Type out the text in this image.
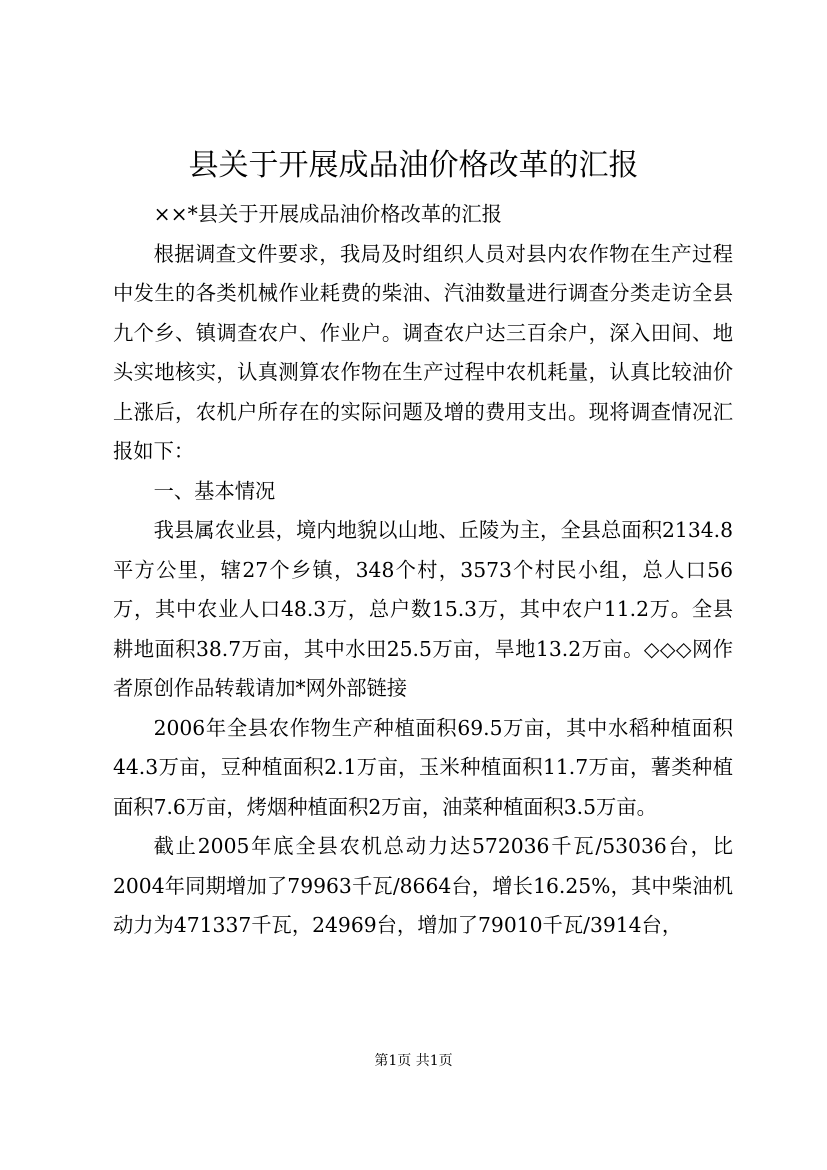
县关于开展成品油价格改革的汇报

××*县关于开展成品油价格改革的汇报

根据调查文件要求，我局及时组织人员对县内农作物在生产过程中发生的各类机械作业耗费的柴油、汽油数量进行调查分类走访全县九个乡、镇调查农户、作业户。调查农户达三百余户，深入田间、地头实地核实，认真测算农作物在生产过程中农机耗量，认真比较油价上涨后，农机户所存在的实际问题及增的费用支出。现将调查情况汇报如下：

一、基本情况

我县属农业县，境内地貌以山地、丘陵为主，全县总面积2134.8平方公里，辖27个乡镇，348个村，3573个村民小组，总人口56万，其中农业人口48.3万，总户数15.3万，其中农户11.2万。全县耕地面积38.7万亩，其中水田25.5万亩，旱地13.2万亩。◇◇◇网作者原创作品转载请加*网外部链接

2006年全县农作物生产种植面积69.5万亩，其中水稻种植面积44.3万亩，豆种植面积2.1万亩，玉米种植面积11.7万亩，薯类种植面积7.6万亩，烤烟种植面积2万亩，油菜种植面积3.5万亩。

截止2005年底全县农机总动力达572036千瓦/53036台，比2004年同期增加了79963千瓦/8664台，增长16.25%，其中柴油机动力为471337千瓦，24969台，增加了79010千瓦/3914台，

第1页 共1页
